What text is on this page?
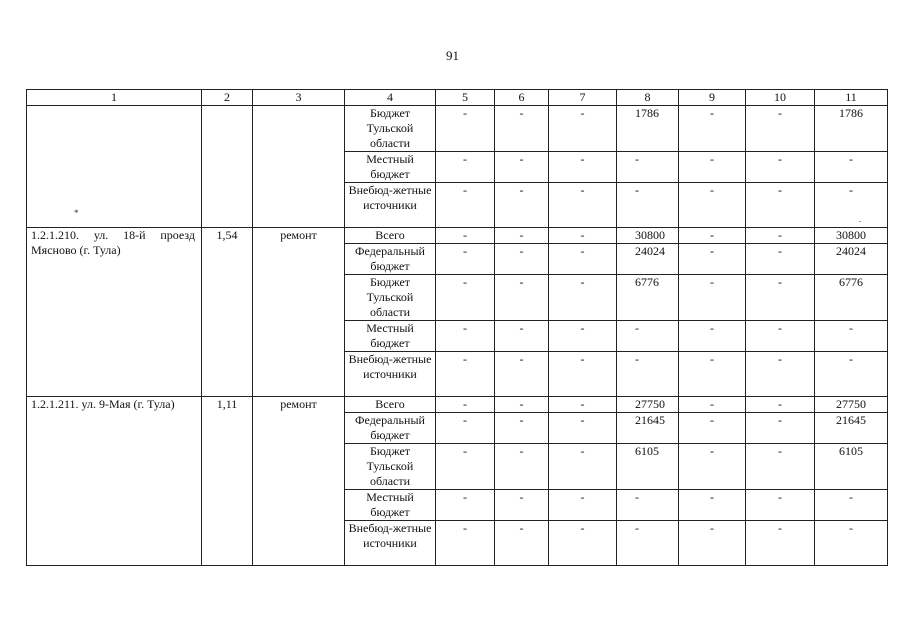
91
1	2	3	4	5	6	7	8	9	10	11
			Бюджет Тульской области	-	-	-	1786	-	-	1786
			Местный бюджет	-	-	-	-	-	-	-
			Внебюд-жетные источники	-	-	-	-	-	-	-
1.2.1.210. ул. 18-й проезд Мясново (г. Тула)	1,54	ремонт	Всего	-	-	-	30800	-	-	30800
			Федеральный бюджет	-	-	-	24024	-	-	24024
			Бюджет Тульской области	-	-	-	6776	-	-	6776
			Местный бюджет	-	-	-	-	-	-	-
			Внебюд-жетные источники	-	-	-	-	-	-	-
1.2.1.211. ул. 9-Мая (г. Тула)	1,11	ремонт	Всего	-	-	-	27750	-	-	27750
			Федеральный бюджет	-	-	-	21645	-	-	21645
			Бюджет Тульской области	-	-	-	6105	-	-	6105
			Местный бюджет	-	-	-	-	-	-	-
			Внебюд-жетные источники	-	-	-	-	-	-	-
*
.
